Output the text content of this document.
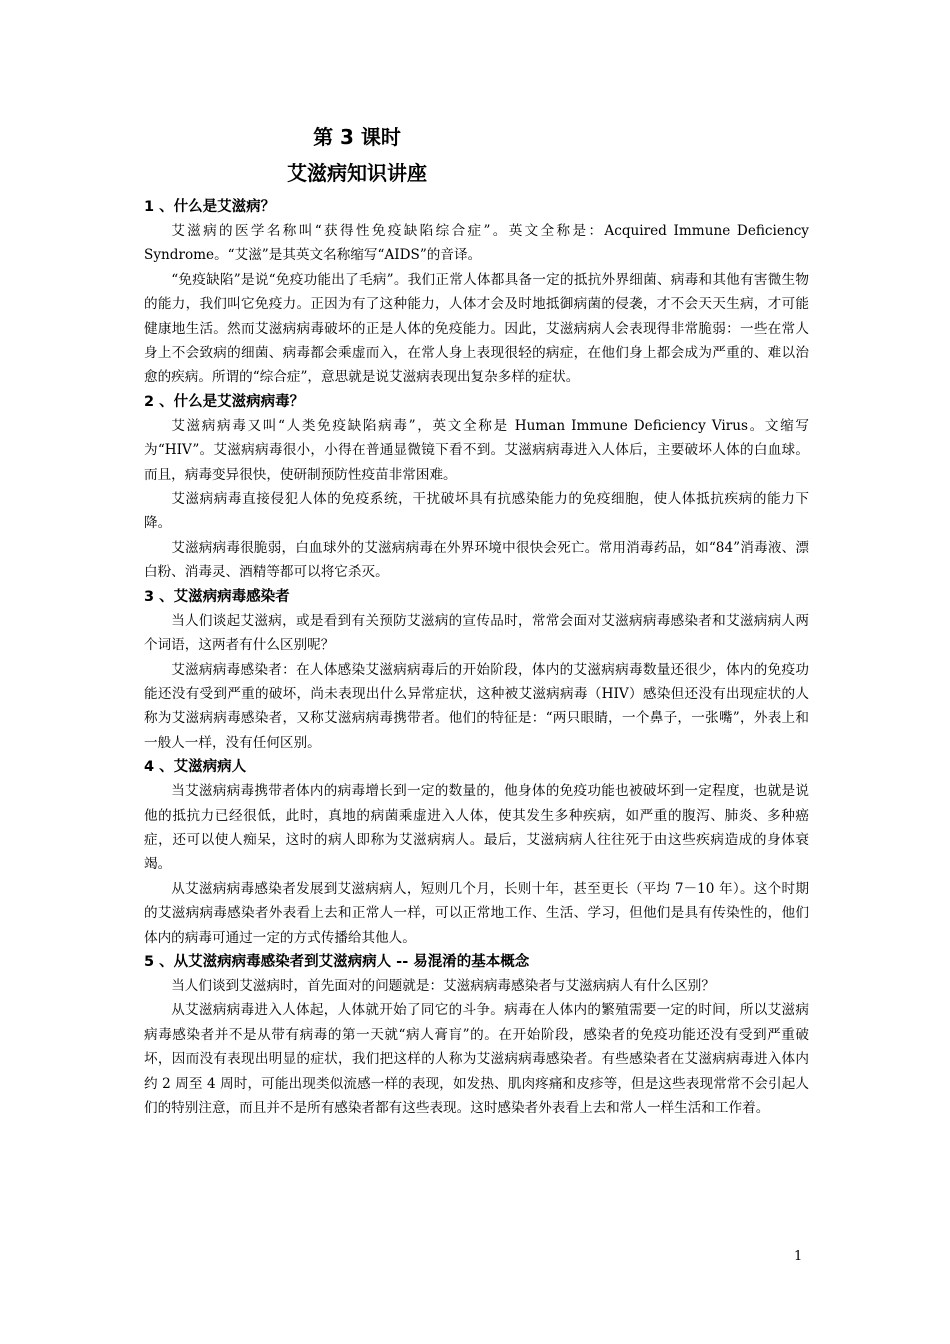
第 3 课时
艾滋病知识讲座

1 、什么是艾滋病？

艾滋病的医学名称叫“获得性免疫缺陷综合症”。英文全称是：Acquired Immune Deficiency Syndrome。“艾滋”是其英文名称缩写“AIDS”的音译。

“免疫缺陷”是说“免疫功能出了毛病”。我们正常人体都具备一定的抵抗外界细菌、病毒和其他有害微生物的能力，我们叫它免疫力。正因为有了这种能力，人体才会及时地抵御病菌的侵袭，才不会天天生病，才可能健康地生活。然而艾滋病病毒破坏的正是人体的免疫能力。因此，艾滋病病人会表现得非常脆弱：一些在常人身上不会致病的细菌、病毒都会乘虚而入，在常人身上表现很轻的病症，在他们身上都会成为严重的、难以治愈的疾病。所谓的“综合症”，意思就是说艾滋病表现出复杂多样的症状。

2 、什么是艾滋病病毒？

艾滋病病毒又叫“人类免疫缺陷病毒”，英文全称是 Human Immune Deficiency Virus。文缩写为“HIV”。艾滋病病毒很小，小得在普通显微镜下看不到。艾滋病病毒进入人体后，主要破坏人体的白血球。而且，病毒变异很快，使研制预防性疫苗非常困难。

艾滋病病毒直接侵犯人体的免疫系统，干扰破坏具有抗感染能力的免疫细胞，使人体抵抗疾病的能力下降。

艾滋病病毒很脆弱，白血球外的艾滋病病毒在外界环境中很快会死亡。常用消毒药品，如“84”消毒液、漂白粉、消毒灵、酒精等都可以将它杀灭。

3 、艾滋病病毒感染者

当人们谈起艾滋病，或是看到有关预防艾滋病的宣传品时，常常会面对艾滋病病毒感染者和艾滋病病人两个词语，这两者有什么区别呢？

艾滋病病毒感染者：在人体感染艾滋病病毒后的开始阶段，体内的艾滋病病毒数量还很少，体内的免疫功能还没有受到严重的破坏，尚未表现出什么异常症状，这种被艾滋病病毒（HIV）感染但还没有出现症状的人称为艾滋病病毒感染者，又称艾滋病病毒携带者。他们的特征是：“两只眼睛，一个鼻子，一张嘴”，外表上和一般人一样，没有任何区别。

4 、艾滋病病人

当艾滋病病毒携带者体内的病毒增长到一定的数量的，他身体的免疫功能也被破坏到一定程度，也就是说他的抵抗力已经很低，此时，真地的病菌乘虚进入人体，使其发生多种疾病，如严重的腹泻、肺炎、多种癌症，还可以使人痴呆，这时的病人即称为艾滋病病人。最后，艾滋病病人往往死于由这些疾病造成的身体衰竭。

从艾滋病病毒感染者发展到艾滋病病人，短则几个月，长则十年，甚至更长（平均 7－10 年）。这个时期的艾滋病病毒感染者外表看上去和正常人一样，可以正常地工作、生活、学习，但他们是具有传染性的，他们体内的病毒可通过一定的方式传播给其他人。

5 、从艾滋病病毒感染者到艾滋病病人 -- 易混淆的基本概念

当人们谈到艾滋病时，首先面对的问题就是：艾滋病病毒感染者与艾滋病病人有什么区别？

从艾滋病病毒进入人体起，人体就开始了同它的斗争。病毒在人体内的繁殖需要一定的时间，所以艾滋病病毒感染者并不是从带有病毒的第一天就“病人膏肓”的。在开始阶段，感染者的免疫功能还没有受到严重破坏，因而没有表现出明显的症状，我们把这样的人称为艾滋病病毒感染者。有些感染者在艾滋病病毒进入体内约 2 周至 4 周时，可能出现类似流感一样的表现，如发热、肌肉疼痛和皮疹等，但是这些表现常常不会引起人们的特别注意，而且并不是所有感染者都有这些表现。这时感染者外表看上去和常人一样生活和工作着。

1
